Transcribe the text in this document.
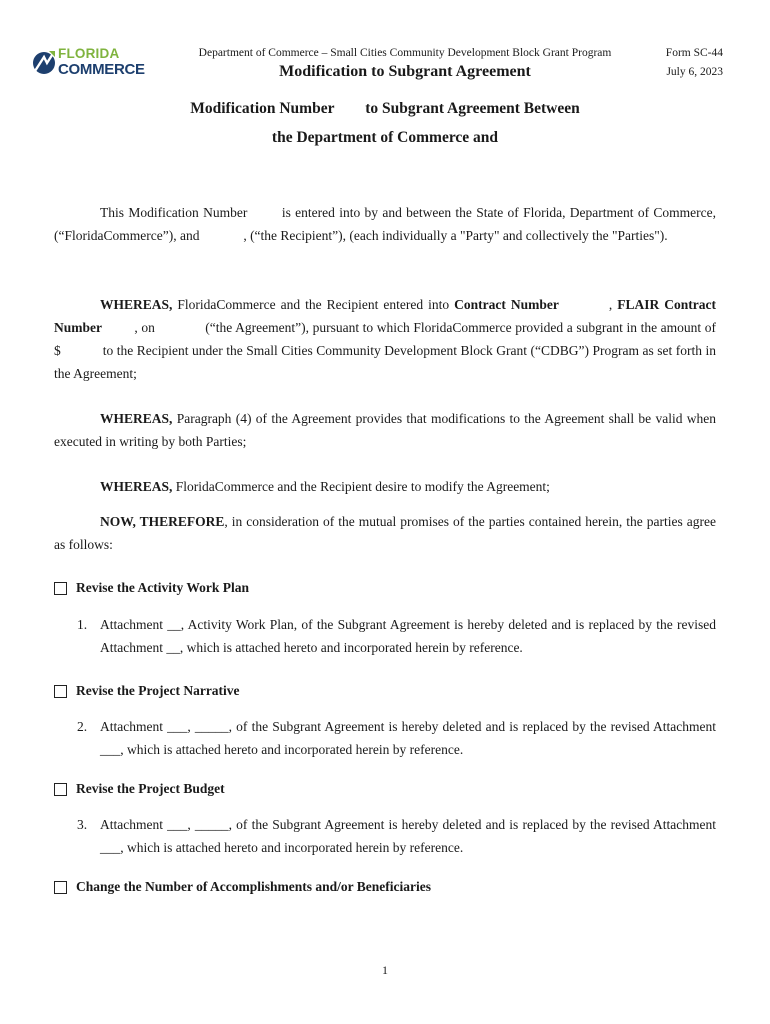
FLORIDA
COMMERCE
Department of Commerce – Small Cities Community Development Block Grant Program
Modification to Subgrant Agreement
Form SC-44
July 6, 2023
Modification Number        to Subgrant Agreement Between
the Department of Commerce and

This Modification Number        is entered into by and between the State of Florida, Department of Commerce, (“FloridaCommerce”), and             , (“the Recipient”), (each individually a "Party" and collectively the "Parties").

WHEREAS, FloridaCommerce and the Recipient entered into Contract Number          , FLAIR Contract Number         , on              (“the Agreement”), pursuant to which FloridaCommerce provided a subgrant in the amount of $            to the Recipient under the Small Cities Community Development Block Grant (“CDBG”) Program as set forth in the Agreement;

WHEREAS, Paragraph (4) of the Agreement provides that modifications to the Agreement shall be valid when executed in writing by both Parties;

WHEREAS, FloridaCommerce and the Recipient desire to modify the Agreement;

NOW, THEREFORE, in consideration of the mutual promises of the parties contained herein, the parties agree as follows:

Revise the Activity Work Plan
1. Attachment __, Activity Work Plan, of the Subgrant Agreement is hereby deleted and is replaced by the revised Attachment __, which is attached hereto and incorporated herein by reference.
Revise the Project Narrative
2. Attachment ___, _____, of the Subgrant Agreement is hereby deleted and is replaced by the revised Attachment ___, which is attached hereto and incorporated herein by reference.
Revise the Project Budget
3. Attachment ___, _____, of the Subgrant Agreement is hereby deleted and is replaced by the revised Attachment ___, which is attached hereto and incorporated herein by reference.
Change the Number of Accomplishments and/or Beneficiaries
1
